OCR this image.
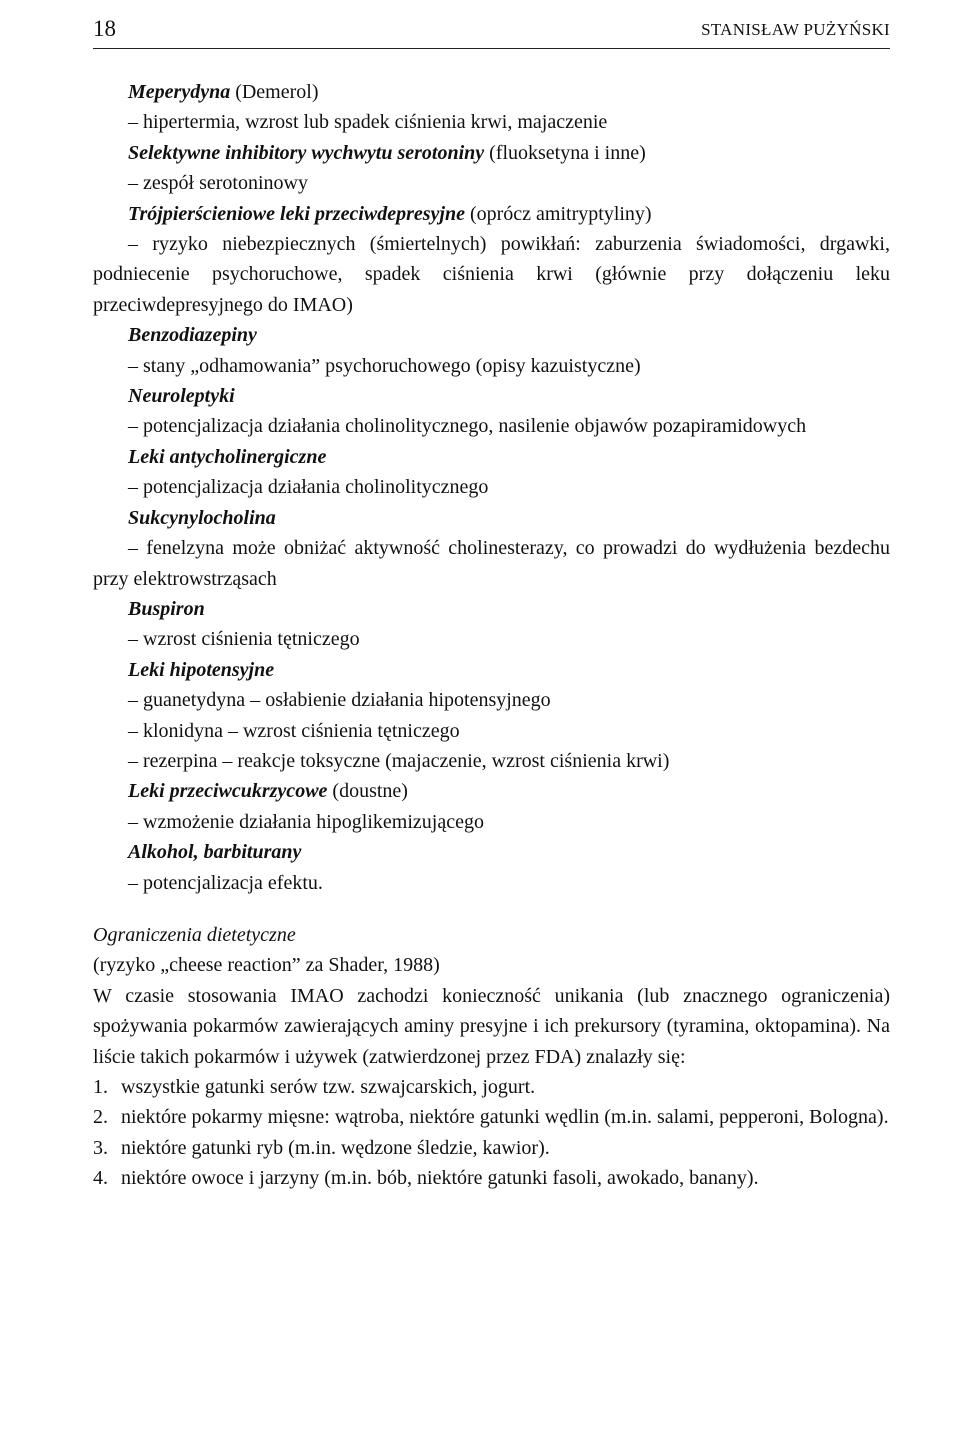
18	STANISŁAW PUŻYŃSKI
Meperydyna (Demerol)
– hipertermia, wzrost lub spadek ciśnienia krwi, majaczenie
Selektywne inhibitory wychwytu serotoniny (fluoksetyna i inne)
– zespół serotoninowy
Trójpierścieniowe leki przeciwdepresyjne (oprócz amitryptyliny)
– ryzyko niebezpiecznych (śmiertelnych) powikłań: zaburzenia świadomości, drgawki, podniecenie psychoruchowe, spadek ciśnienia krwi (głównie przy dołączeniu leku przeciwdepresyjnego do IMAO)
Benzodiazepiny
– stany „odhamowania” psychoruchowego (opisy kazuistyczne)
Neuroleptyki
– potencjalizacja działania cholinolitycznego, nasilenie objawów pozapiramidowych
Leki antycholinergiczne
– potencjalizacja działania cholinolitycznego
Sukcynylocholina
– fenelzyna może obniżać aktywność cholinesterazy, co prowadzi do wydłużenia bezdechu przy elektrowstrząsach
Buspiron
– wzrost ciśnienia tętniczego
Leki hipotensyjne
– guanetydyna – osłabienie działania hipotensyjnego
– klonidyna – wzrost ciśnienia tętniczego
– rezerpina – reakcje toksyczne (majaczenie, wzrost ciśnienia krwi)
Leki przeciwcukrzycowe (doustne)
– wzmożenie działania hipoglikemizującego
Alkohol, barbiturany
– potencjalizacja efektu.
Ograniczenia dietetyczne
(ryzyko „cheese reaction” za Shader, 1988)
W czasie stosowania IMAO zachodzi konieczność unikania (lub znacznego ograniczenia) spożywania pokarmów zawierających aminy presyjne i ich prekursory (tyramina, oktopamina). Na liście takich pokarmów i używek (zatwierdzonej przez FDA) znalazły się:
1. wszystkie gatunki serów tzw. szwajcarskich, jogurt.
2. niektóre pokarmy mięsne: wątroba, niektóre gatunki wędlin (m.in. salami, pepperoni, Bologna).
3. niektóre gatunki ryb (m.in. wędzone śledzie, kawior).
4. niektóre owoce i jarzyny (m.in. bób, niektóre gatunki fasoli, awokado, banany).
